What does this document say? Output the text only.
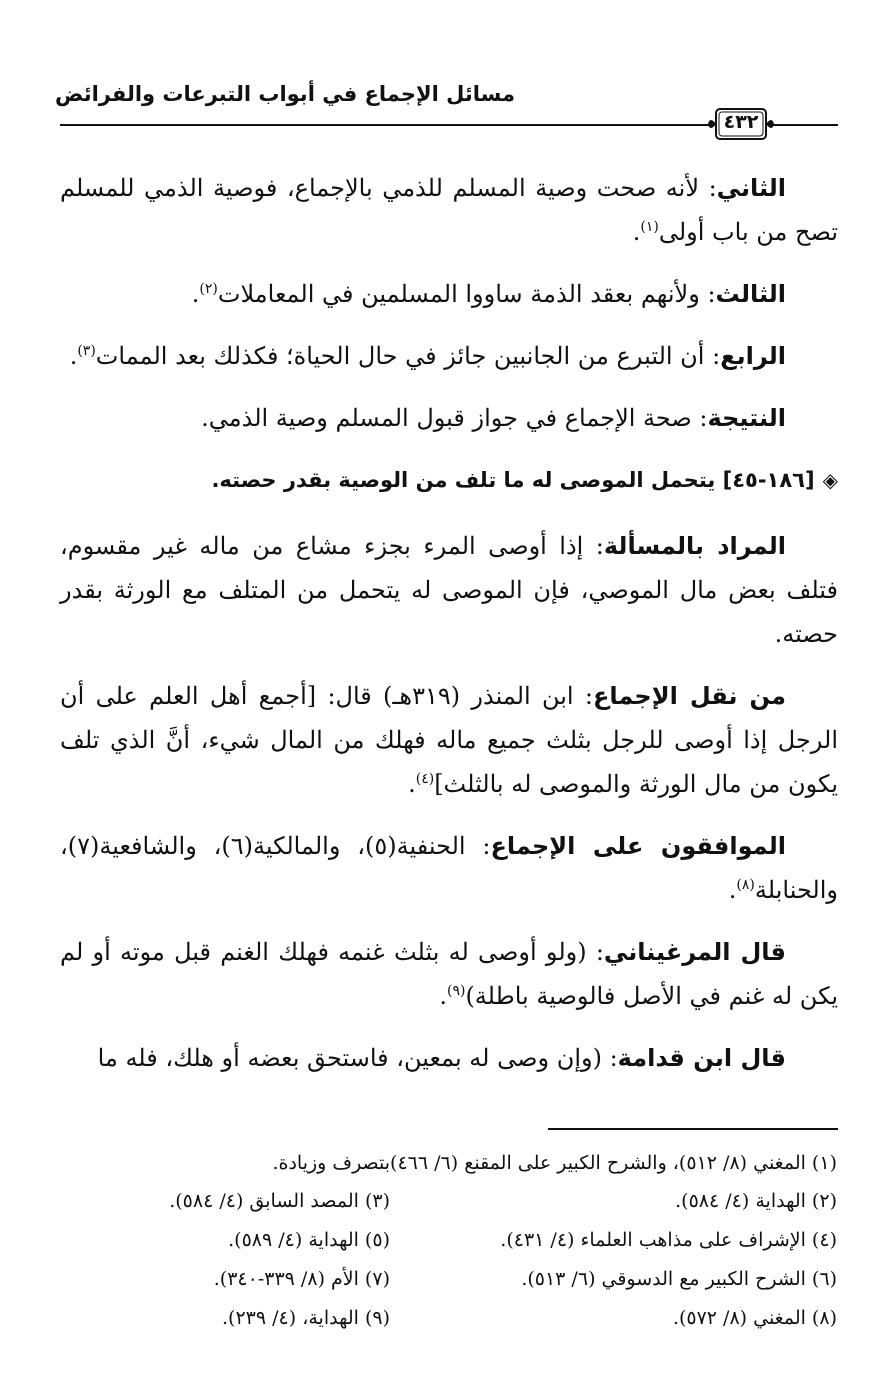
مسائل الإجماع في أبواب التبرعات والفرائض
٤٣٢

الثاني: لأنه صحت وصية المسلم للذمي بالإجماع، فوصية الذمي للمسلم تصح من باب أولى$^{(١)}$.

الثالث: ولأنهم بعقد الذمة ساووا المسلمين في المعاملات$^{(٢)}$.

الرابع: أن التبرع من الجانبين جائز في حال الحياة؛ فكذلك بعد الممات$^{(٣)}$.

النتيجة: صحة الإجماع في جواز قبول المسلم وصية الذمي.

◈[١٨٦-٤٥] يتحمل الموصى له ما تلف من الوصية بقدر حصته.

المراد بالمسألة: إذا أوصى المرء بجزء مشاع من ماله غير مقسوم، فتلف بعض مال الموصي، فإن الموصى له يتحمل من المتلف مع الورثة بقدر حصته.

من نقل الإجماع: ابن المنذر (٣١٩هـ) قال: [أجمع أهل العلم على أن الرجل إذا أوصى للرجل بثلث جميع ماله فهلك من المال شيء، أنَّ الذي تلف يكون من مال الورثة والموصى له بالثلث]$^{(٤)}$.

الموافقون على الإجماع: الحنفية(٥)، والمالكية(٦)، والشافعية(٧)، والحنابلة$^{(٨)}$.

قال المرغيناني: (ولو أوصى له بثلث غنمه فهلك الغنم قبل موته أو لم يكن له غنم في الأصل فالوصية باطلة)$^{(٩)}$.

قال ابن قدامة: (وإن وصى له بمعين، فاستحق بعضه أو هلك، فله ما

(١) المغني (٨/ ٥١٢)، والشرح الكبير على المقنع (٦/ ٤٦٦)بتصرف وزيادة.
(٢) الهداية (٤/ ٥٨٤).
(٣) المصد السابق (٤/ ٥٨٤).
(٤) الإشراف على مذاهب العلماء (٤/ ٤٣١).
(٥) الهداية (٤/ ٥٨٩).
(٦) الشرح الكبير مع الدسوقي (٦/ ٥١٣).
(٧) الأم (٨/ ٣٣٩-٣٤٠).
(٨) المغني (٨/ ٥٧٢).
(٩) الهداية، (٤/ ٢٣٩).
